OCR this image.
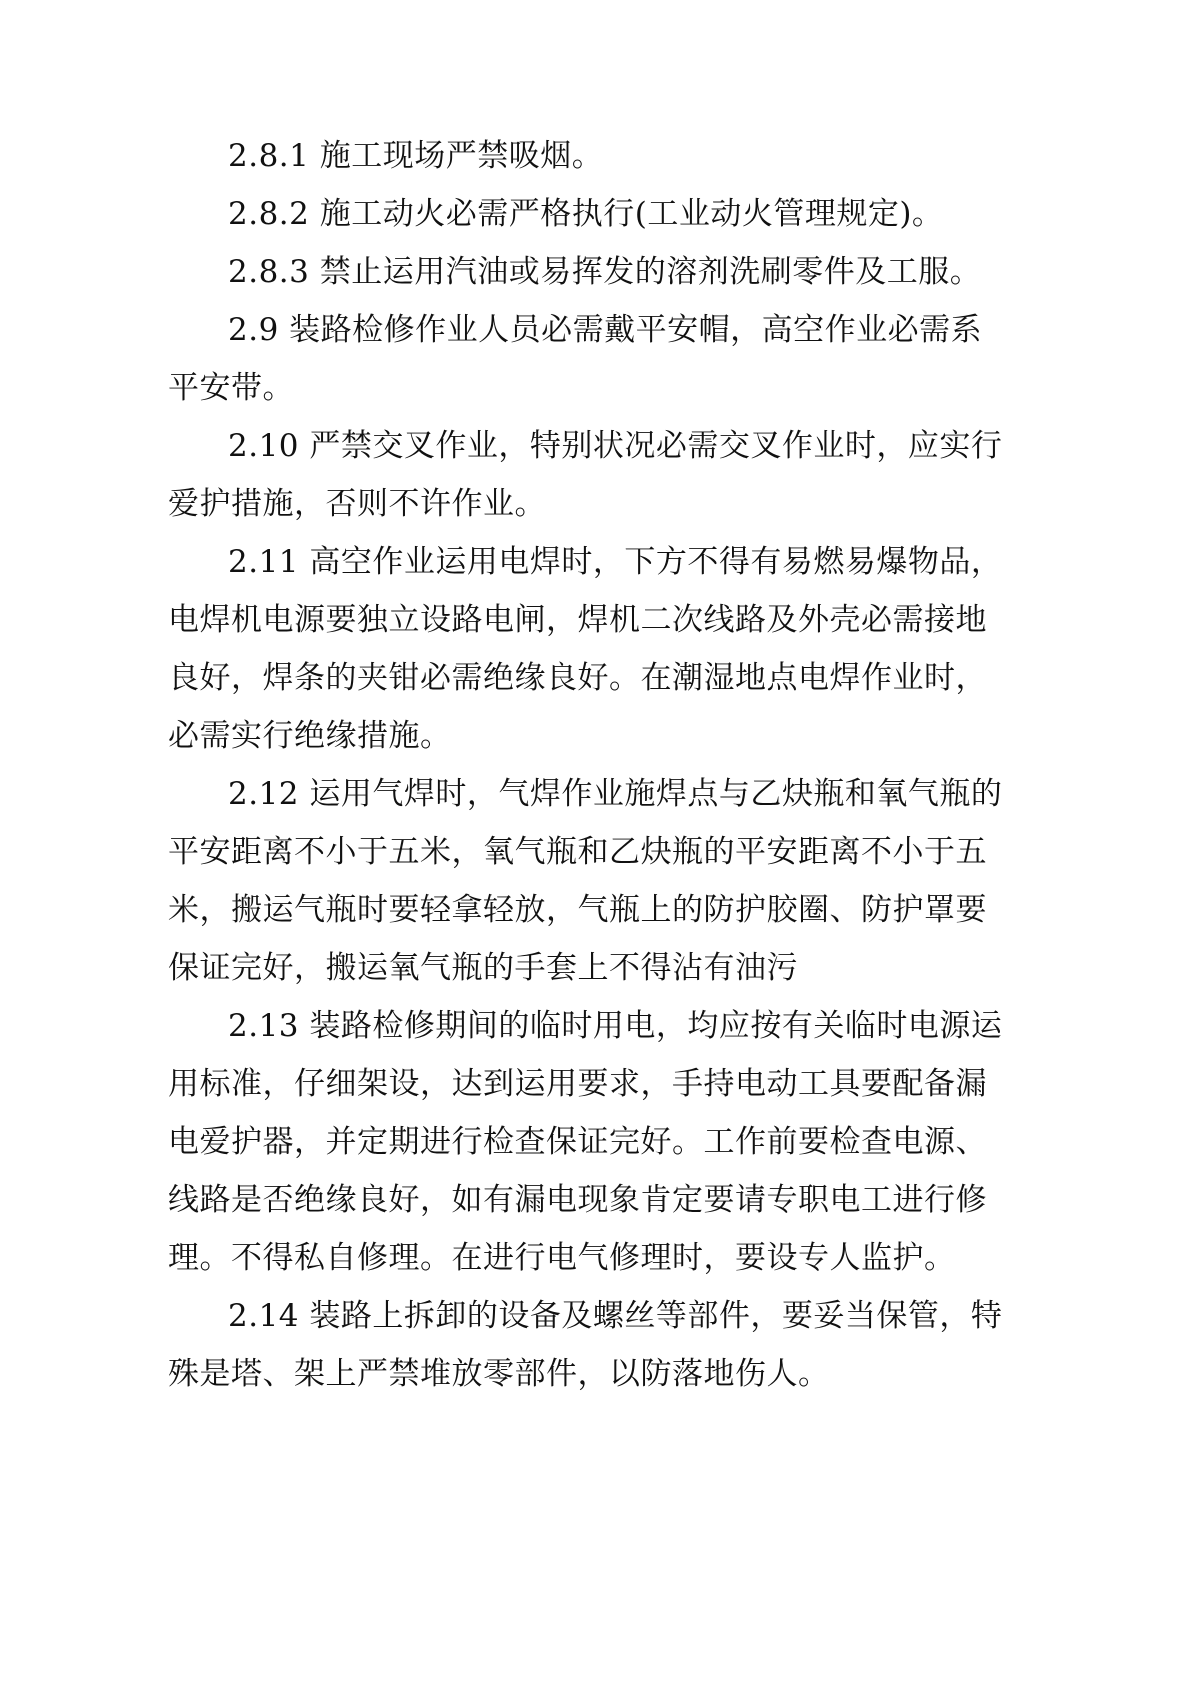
2.8.1 施工现场严禁吸烟。
2.8.2 施工动火必需严格执行(工业动火管理规定)。
2.8.3 禁止运用汽油或易挥发的溶剂洗刷零件及工服。
2.9 装路检修作业人员必需戴平安帽，高空作业必需系
平安带。
2.10 严禁交叉作业，特别状况必需交叉作业时，应实行
爱护措施，否则不许作业。
2.11 高空作业运用电焊时，下方不得有易燃易爆物品，
电焊机电源要独立设路电闸，焊机二次线路及外壳必需接地
良好，焊条的夹钳必需绝缘良好。在潮湿地点电焊作业时，
必需实行绝缘措施。
2.12 运用气焊时，气焊作业施焊点与乙炔瓶和氧气瓶的
平安距离不小于五米，氧气瓶和乙炔瓶的平安距离不小于五
米，搬运气瓶时要轻拿轻放，气瓶上的防护胶圈、防护罩要
保证完好，搬运氧气瓶的手套上不得沾有油污
2.13 装路检修期间的临时用电，均应按有关临时电源运
用标准，仔细架设，达到运用要求，手持电动工具要配备漏
电爱护器，并定期进行检查保证完好。工作前要检查电源、
线路是否绝缘良好，如有漏电现象肯定要请专职电工进行修
理。不得私自修理。在进行电气修理时，要设专人监护。
2.14 装路上拆卸的设备及螺丝等部件，要妥当保管，特
殊是塔、架上严禁堆放零部件，以防落地伤人。
